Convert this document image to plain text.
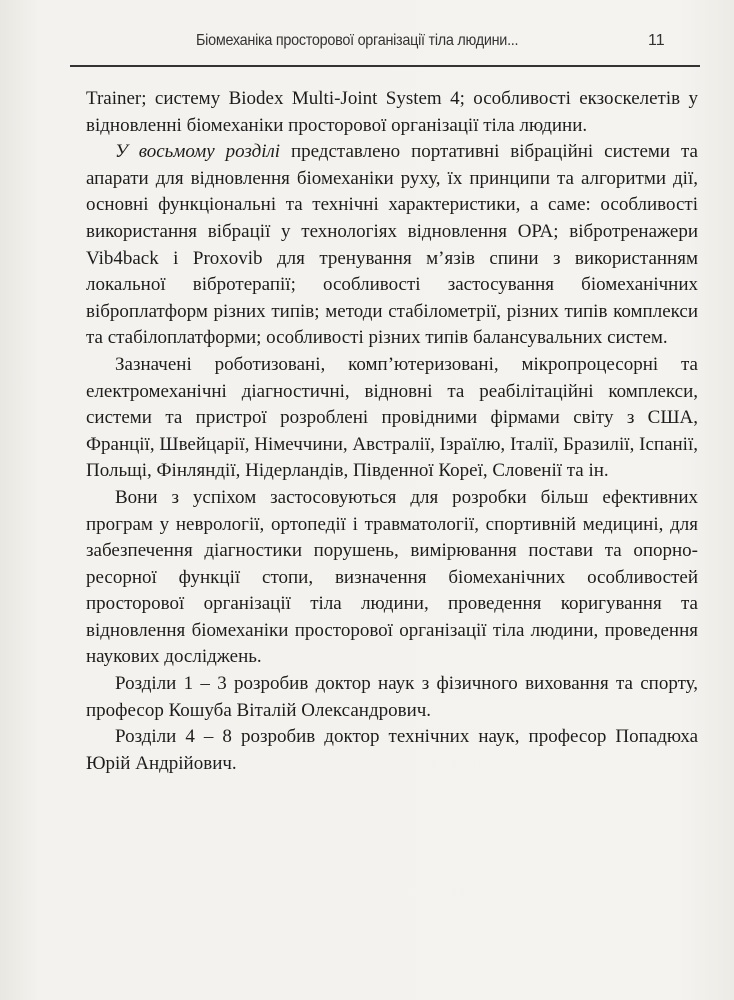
Біомеханіка просторової організації тіла людини...	11
Trainer; систему Biodex Multi-Joint System 4; особливості екзоскелетів у
відновленні біомеханіки просторової організації тіла людини.
У восьмому розділі представлено портативні вібраційні системи та
апарати для відновлення біомеханіки руху, їх принципи та алгоритми дії,
основні функціональні та технічні характеристики, а саме: особливості
використання вібрації у технологіях відновлення ОРА; вібротренажери
Vib4back і Proxovib для тренування м’язів спини з використанням
локальної вібротерапії; особливості застосування біомеханічних
віброплатформ різних типів; методи стабілометрії, різних типів комплекси
та стабілоплатформи; особливості різних типів балансувальних систем.
Зазначені роботизовані, комп’ютеризовані, мікропроцесорні та
електромеханічні діагностичні, відновні та реабілітаційні комплекси,
системи та пристрої розроблені провідними фірмами світу з США,
Франції, Швейцарії, Німеччини, Австралії, Ізраїлю, Італії, Бразилії, Іспанії,
Польщі, Фінляндії, Нідерландів, Південної Кореї, Словенії та ін.
Вони з успіхом застосовуються для розробки більш ефективних
програм у неврології, ортопедії і травматології, спортивній медицині, для
забезпечення діагностики порушень, вимірювання постави та опорно-
ресорної функції стопи, визначення біомеханічних особливостей
просторової організації тіла людини, проведення коригування та
відновлення біомеханіки просторової організації тіла людини, проведення
наукових досліджень.
Розділи 1 – 3 розробив доктор наук з фізичного виховання та спорту,
професор Кошуба Віталій Олександрович.
Розділи 4 – 8 розробив доктор технічних наук, професор Попадюха
Юрій Андрійович.
